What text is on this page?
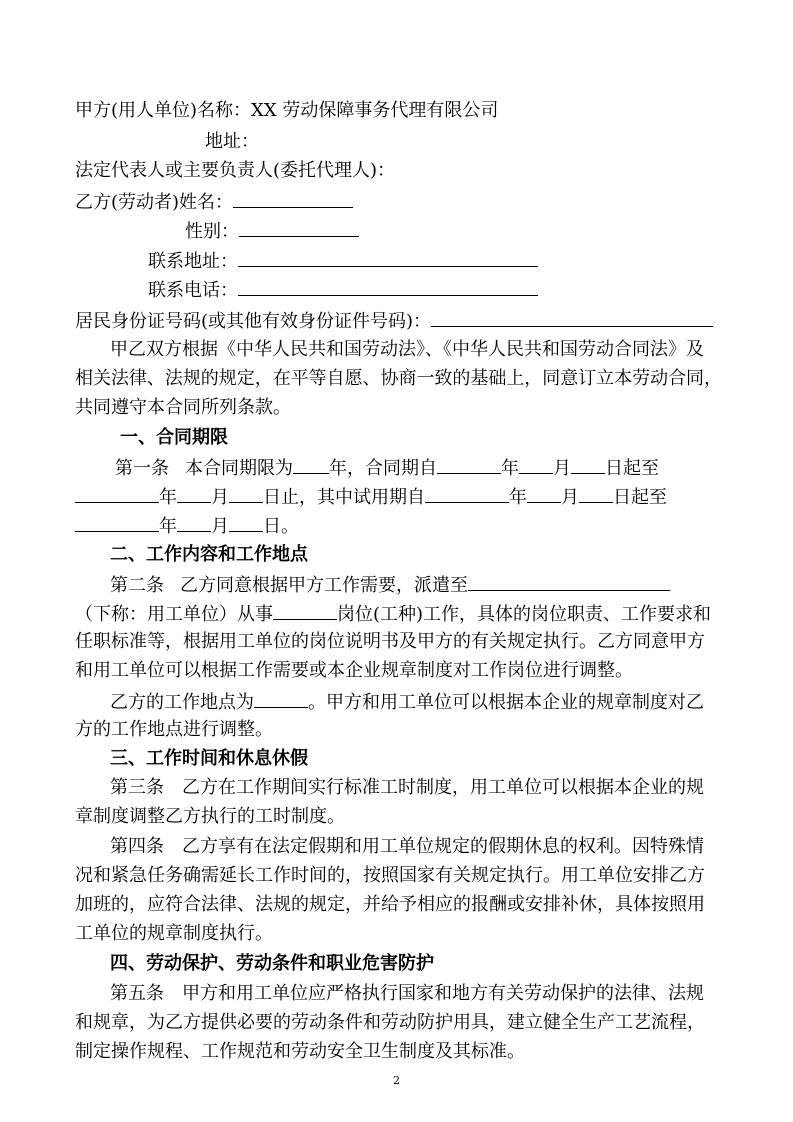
甲方(用人单位)名称：XX 劳动保障事务代理有限公司
地址：
法定代表人或主要负责人(委托代理人)：
乙方(劳动者)姓名：
性别：
联系地址：
联系电话：
居民身份证号码(或其他有效身份证件号码)：
甲乙双方根据《中华人民共和国劳动法》、《中华人民共和国劳动合同法》及
相关法律、法规的规定，在平等自愿、协商一致的基础上，同意订立本劳动合同，
共同遵守本合同所列条款。
一、合同期限
第一条 本合同期限为 年，合同期自	年 月 日起至
年 月 日止，其中试用期自	年 月 日起至
年 月 日。
二、工作内容和工作地点
第二条 乙方同意根据甲方工作需要，派遣至
（下称：用工单位）从事	岗位(工种)工作，具体的岗位职责、工作要求和
任职标准等，根据用工单位的岗位说明书及甲方的有关规定执行。乙方同意甲方
和用工单位可以根据工作需要或本企业规章制度对工作岗位进行调整。
乙方的工作地点为	。甲方和用工单位可以根据本企业的规章制度对乙
方的工作地点进行调整。
三、工作时间和休息休假
第三条　乙方在工作期间实行标准工时制度，用工单位可以根据本企业的规
章制度调整乙方执行的工时制度。
第四条　乙方享有在法定假期和用工单位规定的假期休息的权利。因特殊情
况和紧急任务确需延长工作时间的，按照国家有关规定执行。用工单位安排乙方
加班的，应符合法律、法规的规定，并给予相应的报酬或安排补休，具体按照用
工单位的规章制度执行。
四、劳动保护、劳动条件和职业危害防护
第五条　甲方和用工单位应严格执行国家和地方有关劳动保护的法律、法规
和规章，为乙方提供必要的劳动条件和劳动防护用具，建立健全生产工艺流程，
制定操作规程、工作规范和劳动安全卫生制度及其标准。
2
